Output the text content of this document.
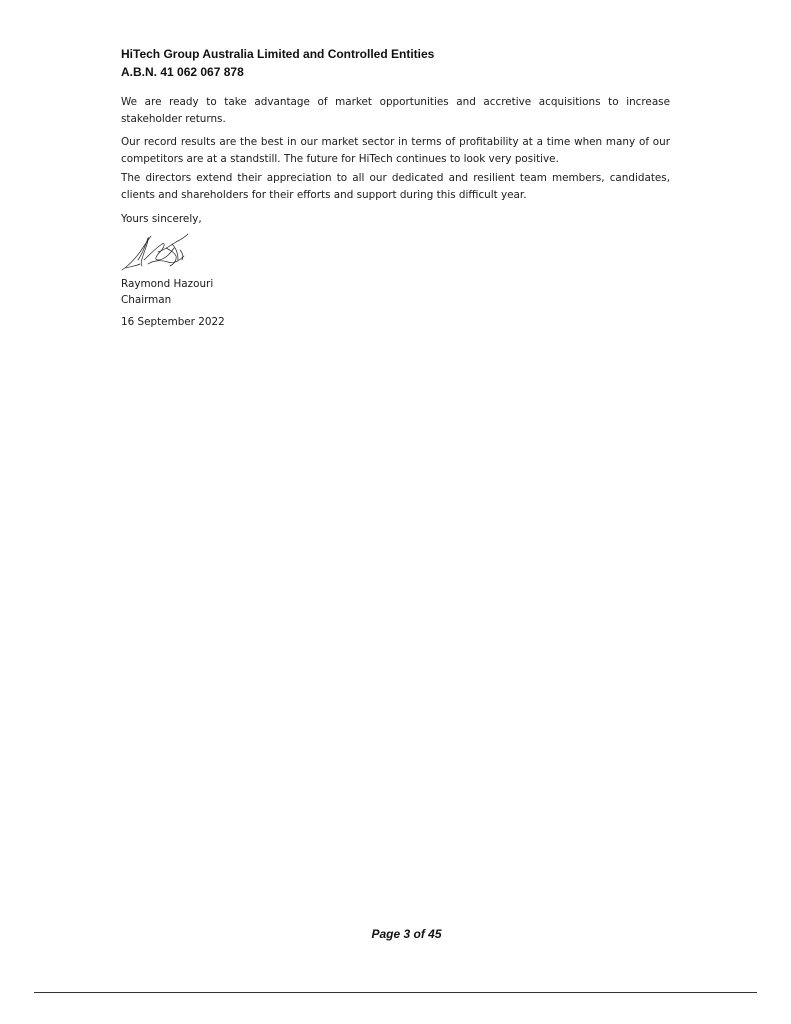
HiTech Group Australia Limited and Controlled Entities
A.B.N. 41 062 067 878

We are ready to take advantage of market opportunities and accretive acquisitions to increase stakeholder returns.

Our record results are the best in our market sector in terms of profitability at a time when many of our competitors are at a standstill. The future for HiTech continues to look very positive.

The directors extend their appreciation to all our dedicated and resilient team members, candidates, clients and shareholders for their efforts and support during this difficult year.

Yours sincerely,

Raymond Hazouri
Chairman
16 September 2022
Page 3 of 45
